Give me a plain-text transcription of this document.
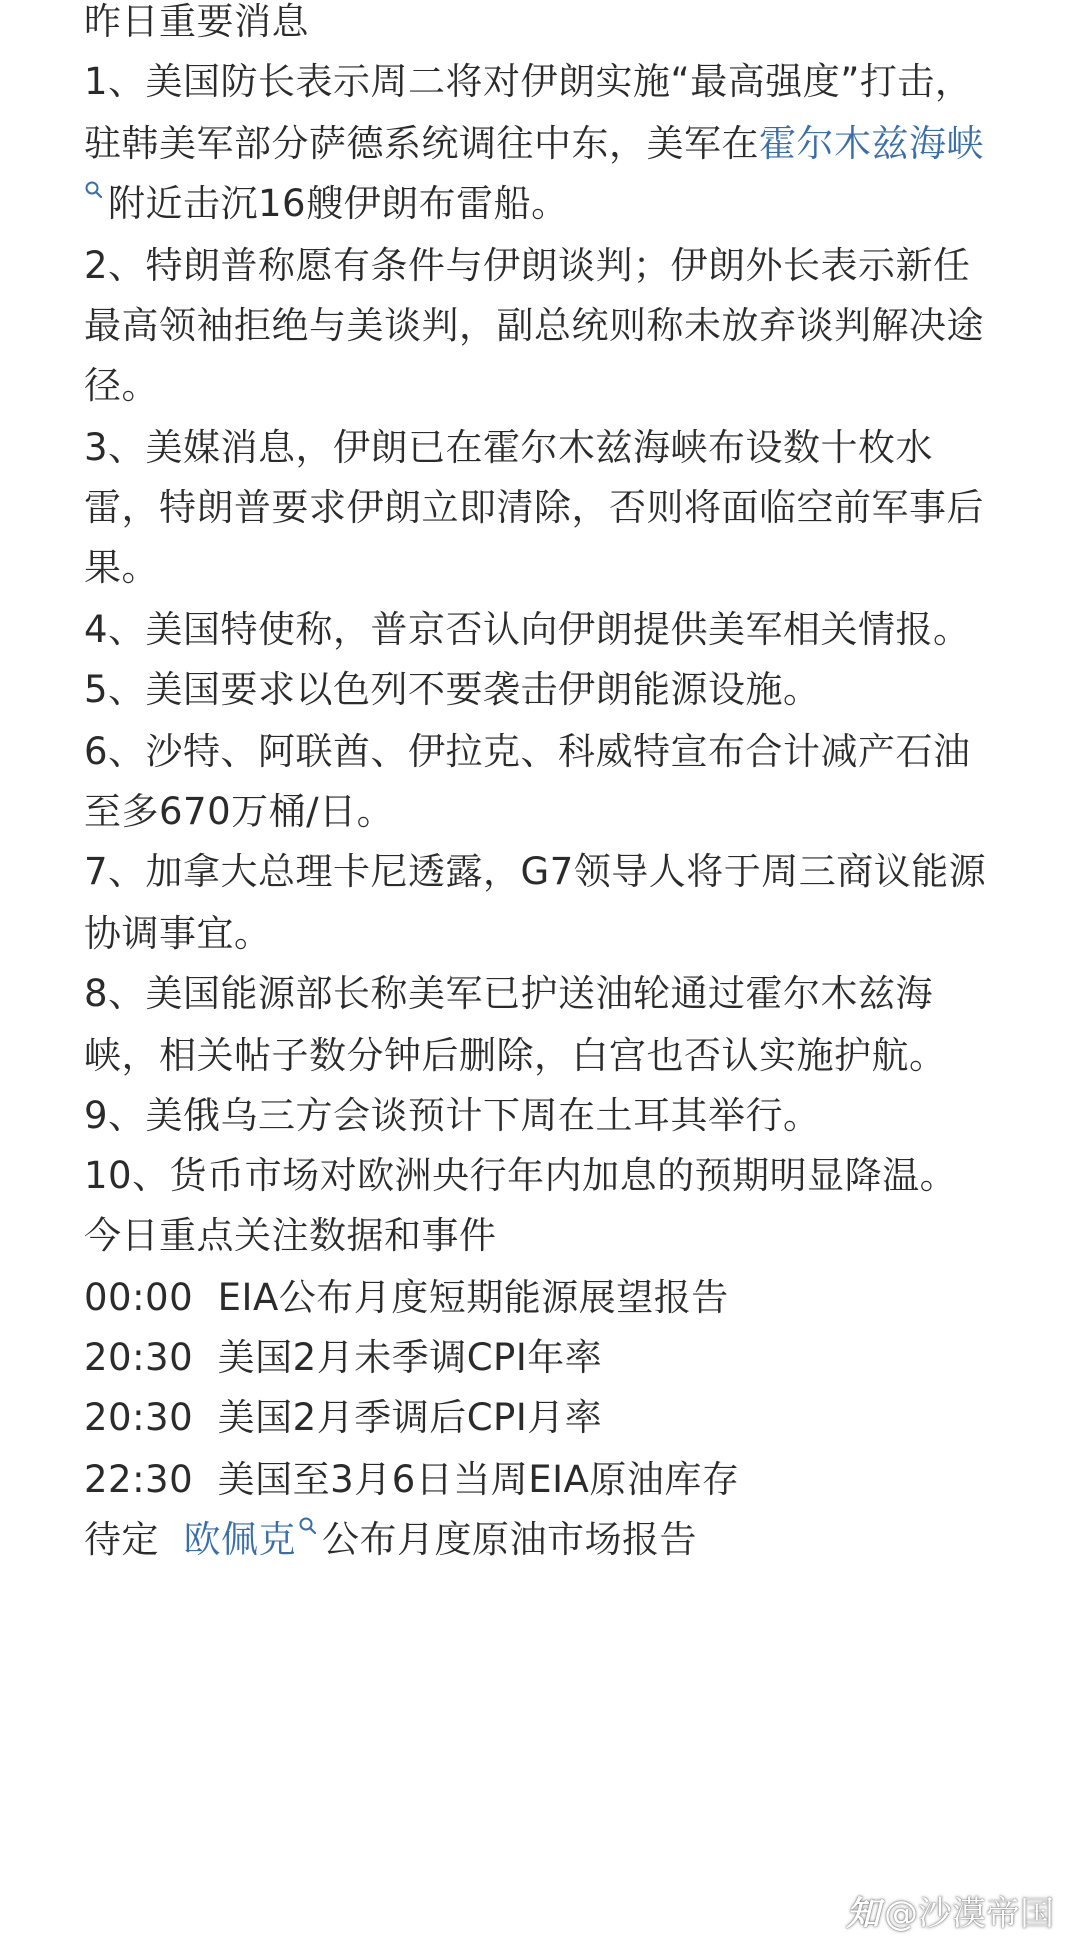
昨日重要消息
1、美国防长表示周二将对伊朗实施“最高强度”打击，
驻韩美军部分萨德系统调往中东，美军在霍尔木兹海峡
附近击沉16艘伊朗布雷船。
2、特朗普称愿有条件与伊朗谈判；伊朗外长表示新任
最高领袖拒绝与美谈判，副总统则称未放弃谈判解决途
径。
3、美媒消息，伊朗已在霍尔木兹海峡布设数十枚水
雷，特朗普要求伊朗立即清除，否则将面临空前军事后
果。
4、美国特使称，普京否认向伊朗提供美军相关情报。
5、美国要求以色列不要袭击伊朗能源设施。
6、沙特、阿联酋、伊拉克、科威特宣布合计减产石油
至多670万桶/日。
7、加拿大总理卡尼透露，G7领导人将于周三商议能源
协调事宜。
8、美国能源部长称美军已护送油轮通过霍尔木兹海
峡，相关帖子数分钟后删除，白宫也否认实施护航。
9、美俄乌三方会谈预计下周在土耳其举行。
10、货币市场对欧洲央行年内加息的预期明显降温。
今日重点关注数据和事件
00:00 EIA公布月度短期能源展望报告
20:30 美国2月未季调CPI年率
20:30 美国2月季调后CPI月率
22:30 美国至3月6日当周EIA原油库存
待定 欧佩克 公布月度原油市场报告
知 @沙漠帝国
